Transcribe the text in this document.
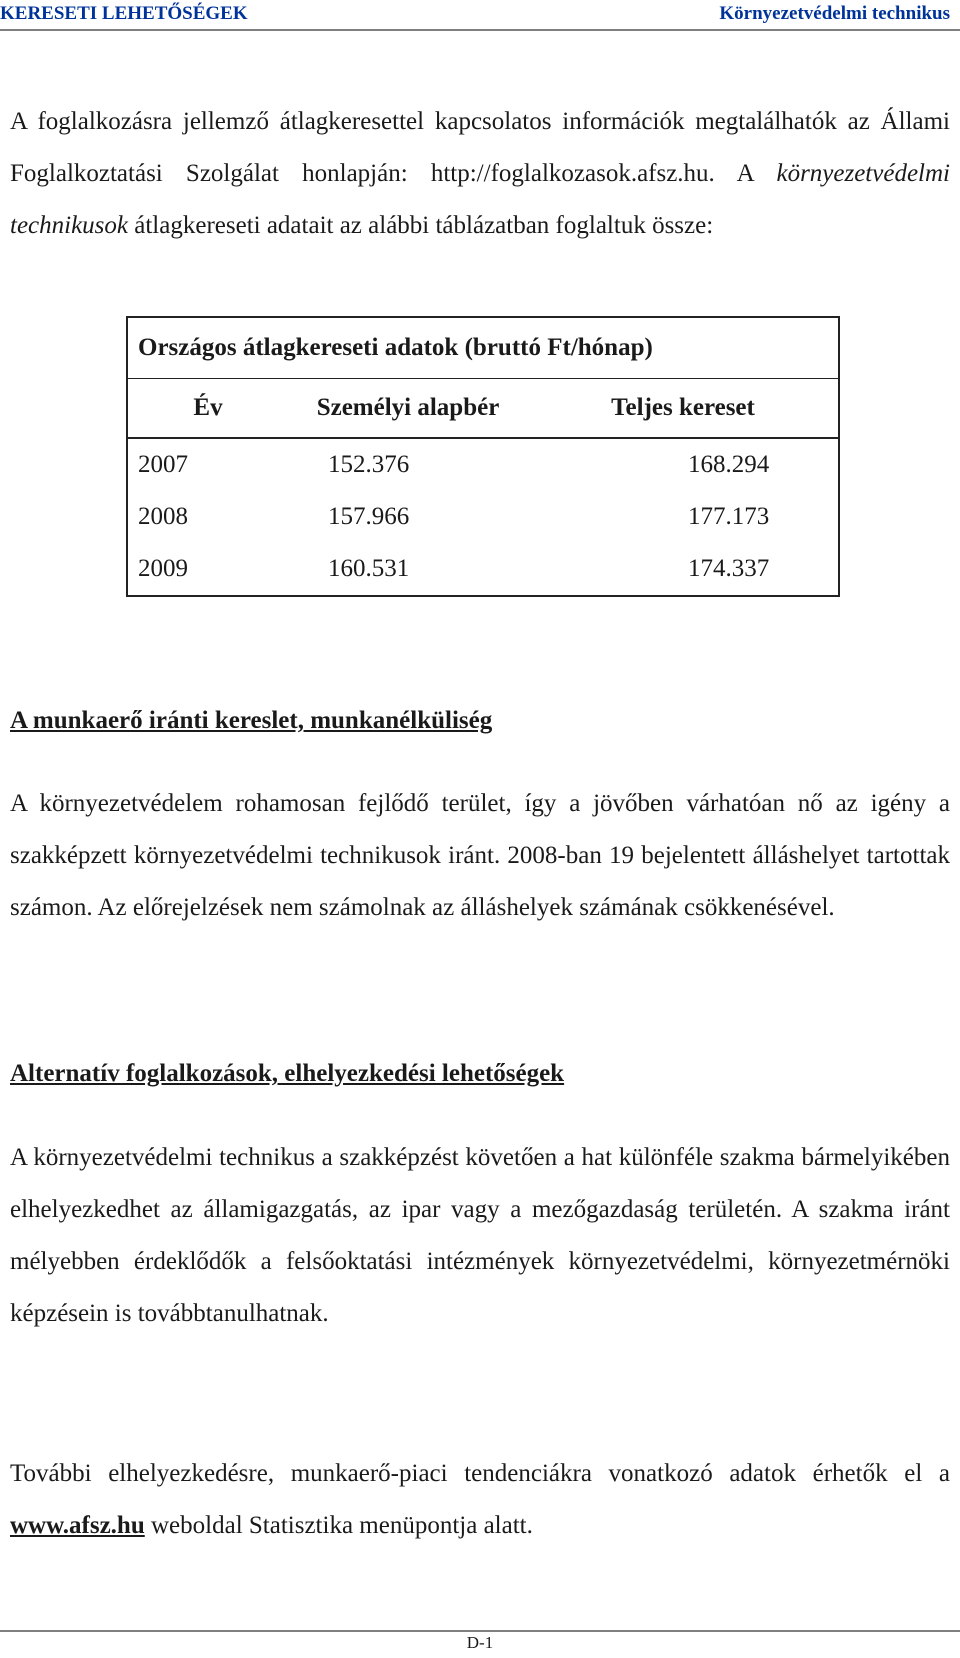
KERESETI LEHETŐSÉGEK	Környezetvédelmi technikus

A foglalkozásra jellemző átlagkeresettel kapcsolatos információk megtalálhatók az Állami Foglalkoztatási Szolgálat honlapján: http://foglalkozasok.afsz.hu. A környezetvédelmi technikusok átlagkereseti adatait az alábbi táblázatban foglaltuk össze:

Országos átlagkereseti adatok (bruttó Ft/hónap)		
Év	Személyi alapbér	Teljes kereset
2007	152.376	168.294
2008	157.966	177.173
2009	160.531	174.337
A munkaerő iránti kereslet, munkanélküliség

A környezetvédelem rohamosan fejlődő terület, így a jövőben várhatóan nő az igény a szakképzett környezetvédelmi technikusok iránt. 2008-ban 19 bejelentett álláshelyet tartottak számon. Az előrejelzések nem számolnak az álláshelyek számának csökkenésével.

Alternatív foglalkozások, elhelyezkedési lehetőségek

A környezetvédelmi technikus a szakképzést követően a hat különféle szakma bármelyikében elhelyezkedhet az államigazgatás, az ipar vagy a mezőgazdaság területén. A szakma iránt mélyebben érdeklődők a felsőoktatási intézmények környezetvédelmi, környezetmérnöki képzésein is továbbtanulhatnak.

További elhelyezkedésre, munkaerő-piaci tendenciákra vonatkozó adatok érhetők el a www.afsz.hu weboldal Statisztika menüpontja alatt.

D-1
